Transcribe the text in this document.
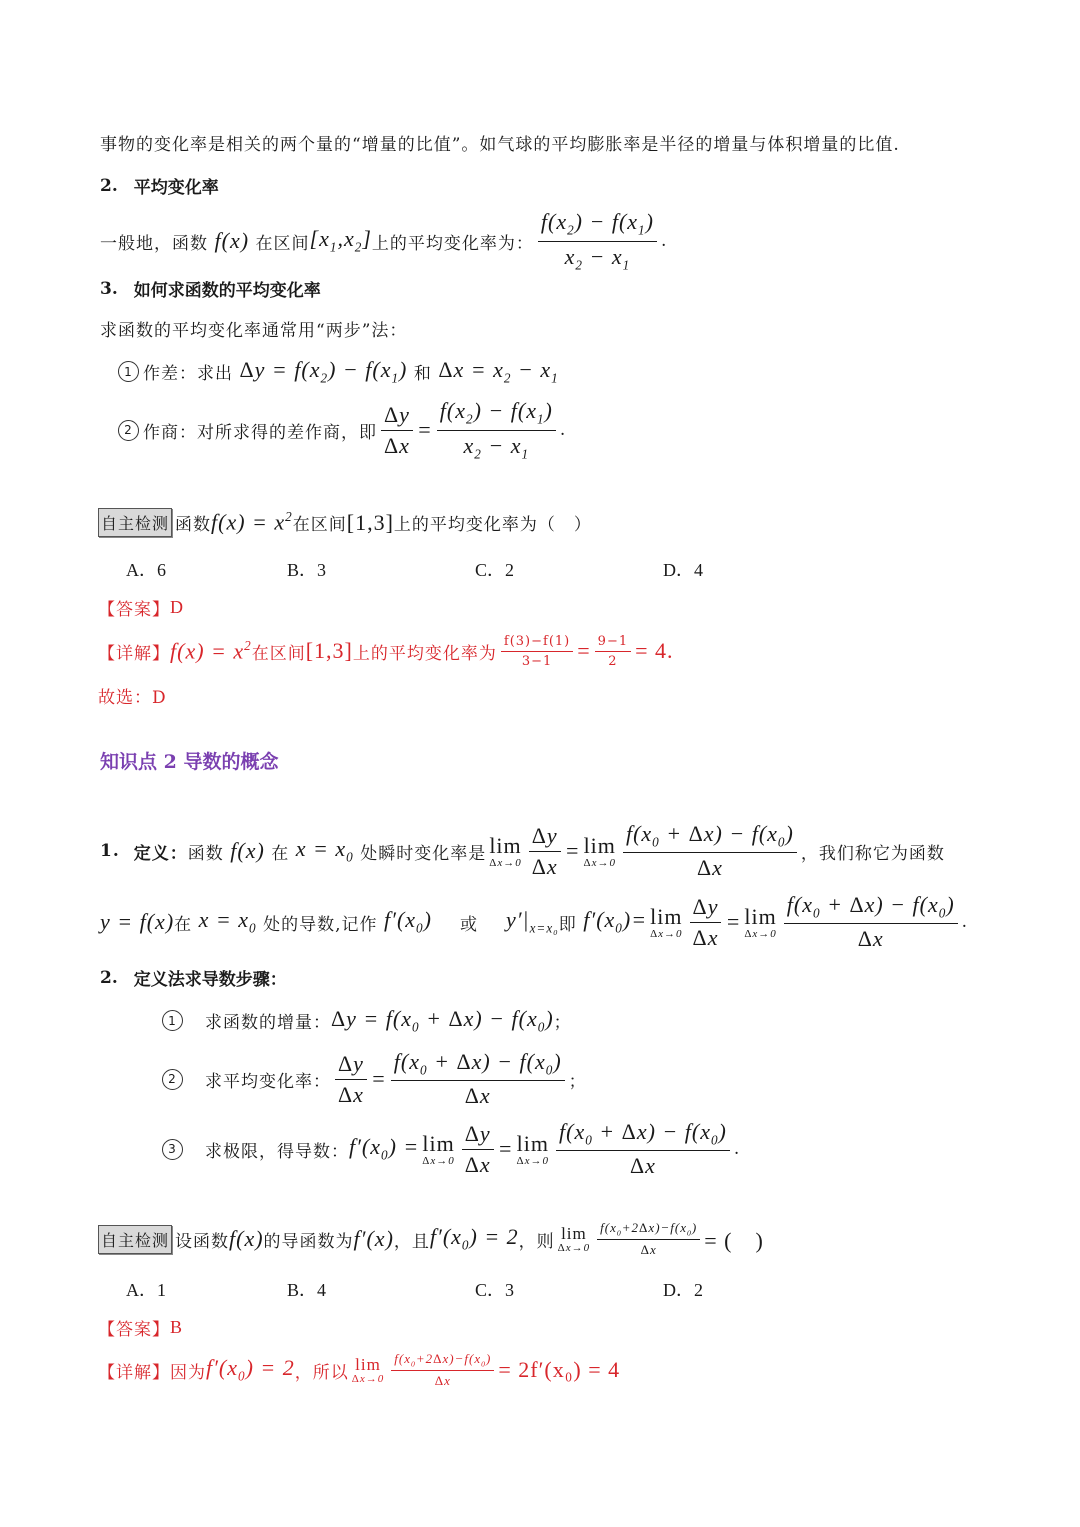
事物的变化率是相关的两个量的“增量的比值”。如气球的平均膨胀率是半径的增量与体积增量的比值.
2. 平均变化率
一般地，函数 f(x) 在区间 $[x_1,x_2]$ 上的平均变化率为： $\frac{f(x_2) - f(x_1)}{x_2 - x_1}$ .
3. 如何求函数的平均变化率
求函数的平均变化率通常用“两步”法：
1 作差：求出 $\Delta y = f(x_2) - f(x_1)$ 和 $\Delta x = x_2 - x_1$
2 作商：对所求得的差作商，即 $\frac{\Delta y}{\Delta x} = \frac{f(x_2) - f(x_1)}{x_2 - x_1}$ .
自主检测 函数 $f(x) = x^2$ 在区间 [1,3] 上的平均变化率为（　）
A．6	B．3	C．2	D．4
【答案】 D
【详解】 $f(x) = x^2$ 在区间 [1,3] 上的平均变化率为 $\frac{f(3)-f(1)}{3-1} = \frac{9-1}{2} = 4$.
故选：D
知识点 2 导数的概念
1. 定义： 函数 f(x) 在 $x = x_0$ 处瞬时变化率是 lim
$\Delta x\to 0 \frac{\Delta y}{\Delta x} = \lim$
$\Delta x\to 0 \frac{f(x_0 + \Delta x) - f(x_0)}{\Delta x}$ ，我们称它为函数
y = f(x) 在 $x = x_0$ 处的导数,记作 $f'(x_0)$ 或 $y'|_{x=x_0}$ 即 $f'(x_0)= \lim$
$\Delta x\to 0 \frac{\Delta y}{\Delta x} = \lim$
$\Delta x\to 0 \frac{f(x_0 + \Delta x) - f(x_0)}{\Delta x}$ .
2. 定义法求导数步骤：
1	求函数的增量： $\Delta y = f(x_0 + \Delta x) - f(x_0)$ ；
2	求平均变化率： $\frac{\Delta y}{\Delta x} = \frac{f(x_0 + \Delta x) - f(x_0)}{\Delta x}$ ；
3	求极限，得导数： $f'(x_0) = \lim$
$\Delta x\to 0 \frac{\Delta y}{\Delta x} = \lim$
$\Delta x\to 0 \frac{f(x_0 + \Delta x) - f(x_0)}{\Delta x}$ .
自主检测 设函数 f(x) 的导函数为 f′(x) ，且 $f'(x_0) = 2$ ，则 lim
$\Delta x\to 0 \frac{f(x_0+2\Delta x)-f(x_0)}{\Delta x}$ = (　)
A．1	B．4	C．3	D．2
【答案】 B
【详解】 因为 $f'(x_0) = 2$ ，所以 lim
$\Delta x\to 0 \frac{f(x_0+2\Delta x)-f(x_0)}{\Delta x} = 2f'(x_0) = 4$
